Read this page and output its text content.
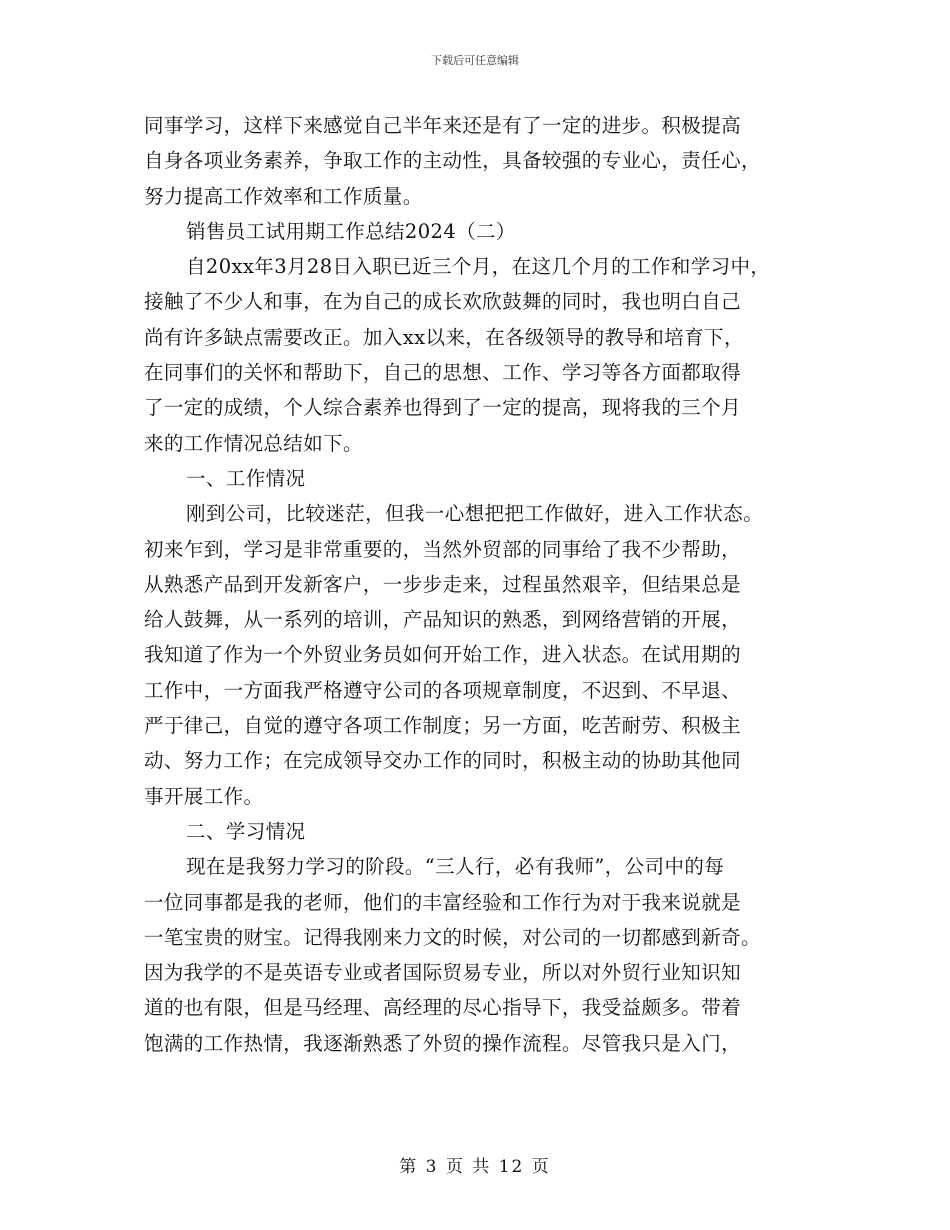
下载后可任意编辑
同事学习，这样下来感觉自己半年来还是有了一定的进步。积极提高
自身各项业务素养，争取工作的主动性，具备较强的专业心，责任心，
努力提高工作效率和工作质量。
销售员工试用期工作总结2024（二）
自20xx年3月28日入职已近三个月，在这几个月的工作和学习中，
接触了不少人和事，在为自己的成长欢欣鼓舞的同时，我也明白自己
尚有许多缺点需要改正。加入xx以来，在各级领导的教导和培育下，
在同事们的关怀和帮助下，自己的思想、工作、学习等各方面都取得
了一定的成绩，个人综合素养也得到了一定的提高，现将我的三个月
来的工作情况总结如下。
一、工作情况
刚到公司，比较迷茫，但我一心想把把工作做好，进入工作状态。
初来乍到，学习是非常重要的，当然外贸部的同事给了我不少帮助，
从熟悉产品到开发新客户，一步步走来，过程虽然艰辛，但结果总是
给人鼓舞，从一系列的培训，产品知识的熟悉，到网络营销的开展，
我知道了作为一个外贸业务员如何开始工作，进入状态。在试用期的
工作中，一方面我严格遵守公司的各项规章制度，不迟到、不早退、
严于律己，自觉的遵守各项工作制度；另一方面，吃苦耐劳、积极主
动、努力工作；在完成领导交办工作的同时，积极主动的协助其他同
事开展工作。
二、学习情况
现在是我努力学习的阶段。“三人行，必有我师”，公司中的每
一位同事都是我的老师，他们的丰富经验和工作行为对于我来说就是
一笔宝贵的财宝。记得我刚来力文的时候，对公司的一切都感到新奇。
因为我学的不是英语专业或者国际贸易专业，所以对外贸行业知识知
道的也有限，但是马经理、高经理的尽心指导下，我受益颇多。带着
饱满的工作热情，我逐渐熟悉了外贸的操作流程。尽管我只是入门，
第 3 页 共 12 页
